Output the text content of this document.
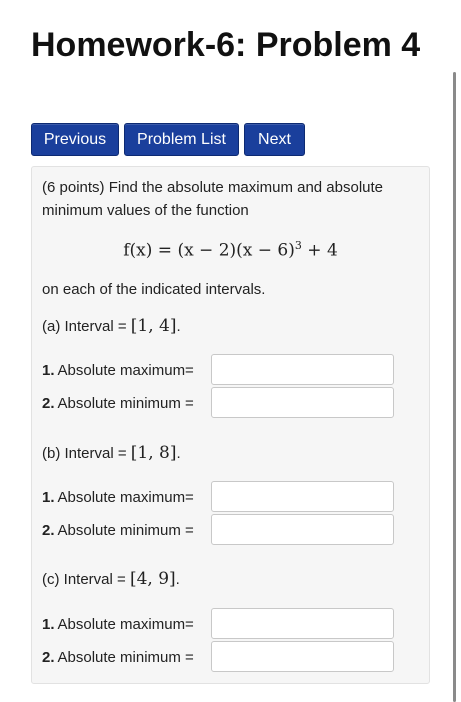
Homework-6: Problem 4
Previous	Problem List	Next
(6 points) Find the absolute maximum and absolute
minimum values of the function
$f(x) = (x - 2)(x - 6)^3 + 4$
on each of the indicated intervals.
(a) Interval = [1, 4].
1. Absolute maximum=
2. Absolute minimum =
(b) Interval = [1, 8].
1. Absolute maximum=
2. Absolute minimum =
(c) Interval = [4, 9].
1. Absolute maximum=
2. Absolute minimum =
